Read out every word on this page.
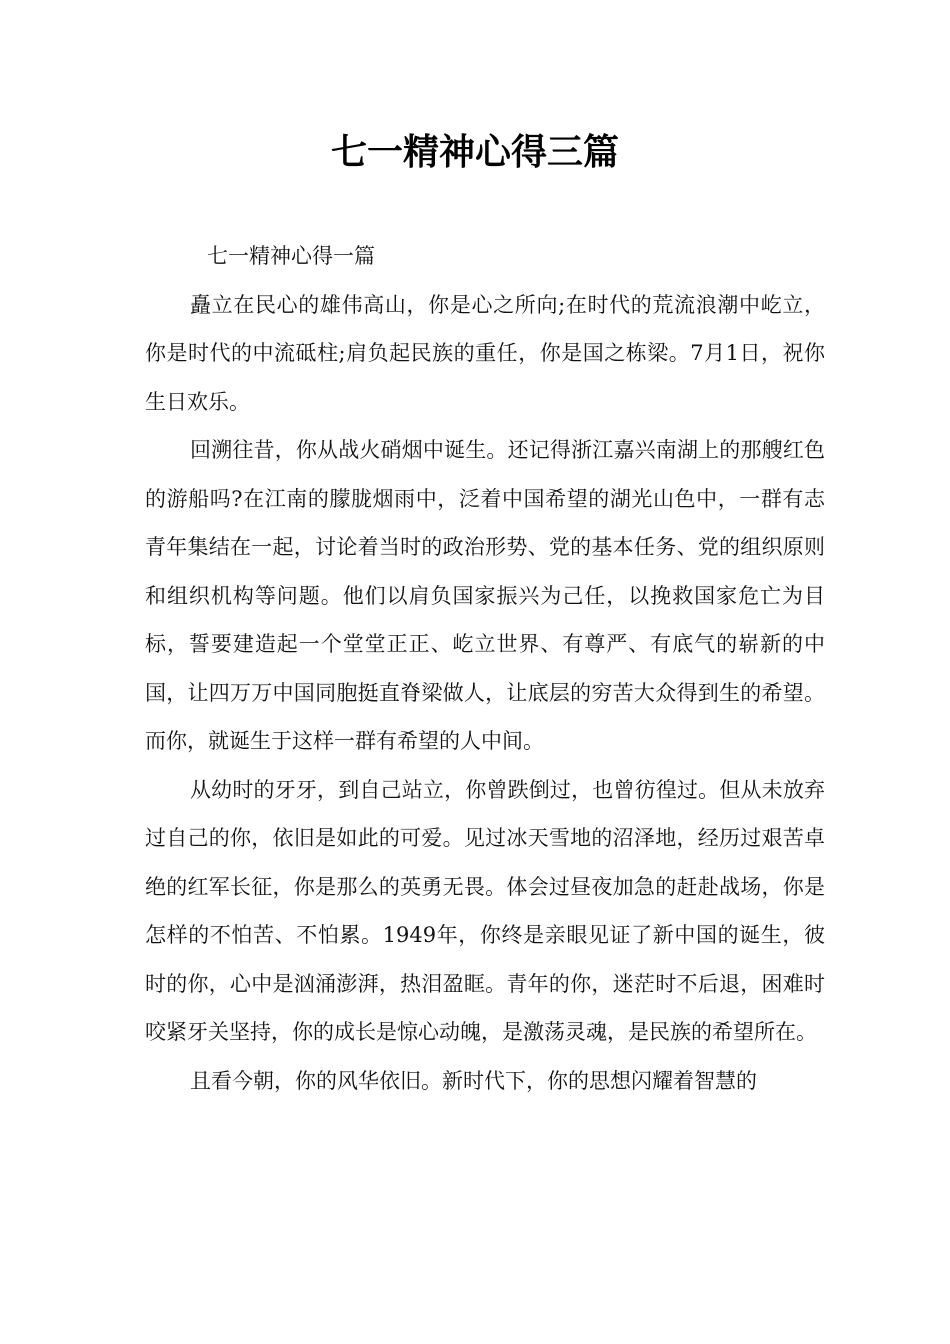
七一精神心得三篇

七一精神心得一篇

矗立在民心的雄伟高山，你是心之所向;在时代的荒流浪潮中屹立，你是时代的中流砥柱;肩负起民族的重任，你是国之栋梁。7月1日，祝你生日欢乐。

回溯往昔，你从战火硝烟中诞生。还记得浙江嘉兴南湖上的那艘红色的游船吗?在江南的朦胧烟雨中，泛着中国希望的湖光山色中，一群有志青年集结在一起，讨论着当时的政治形势、党的基本任务、党的组织原则和组织机构等问题。他们以肩负国家振兴为己任，以挽救国家危亡为目标，誓要建造起一个堂堂正正、屹立世界、有尊严、有底气的崭新的中国，让四万万中国同胞挺直脊梁做人，让底层的穷苦大众得到生的希望。而你，就诞生于这样一群有希望的人中间。

从幼时的牙牙，到自己站立，你曾跌倒过，也曾彷徨过。但从未放弃过自己的你，依旧是如此的可爱。见过冰天雪地的沼泽地，经历过艰苦卓绝的红军长征，你是那么的英勇无畏。体会过昼夜加急的赶赴战场，你是怎样的不怕苦、不怕累。1949年，你终是亲眼见证了新中国的诞生，彼时的你，心中是汹涌澎湃，热泪盈眶。青年的你，迷茫时不后退，困难时咬紧牙关坚持，你的成长是惊心动魄，是激荡灵魂，是民族的希望所在。

且看今朝，你的风华依旧。新时代下，你的思想闪耀着智慧的
